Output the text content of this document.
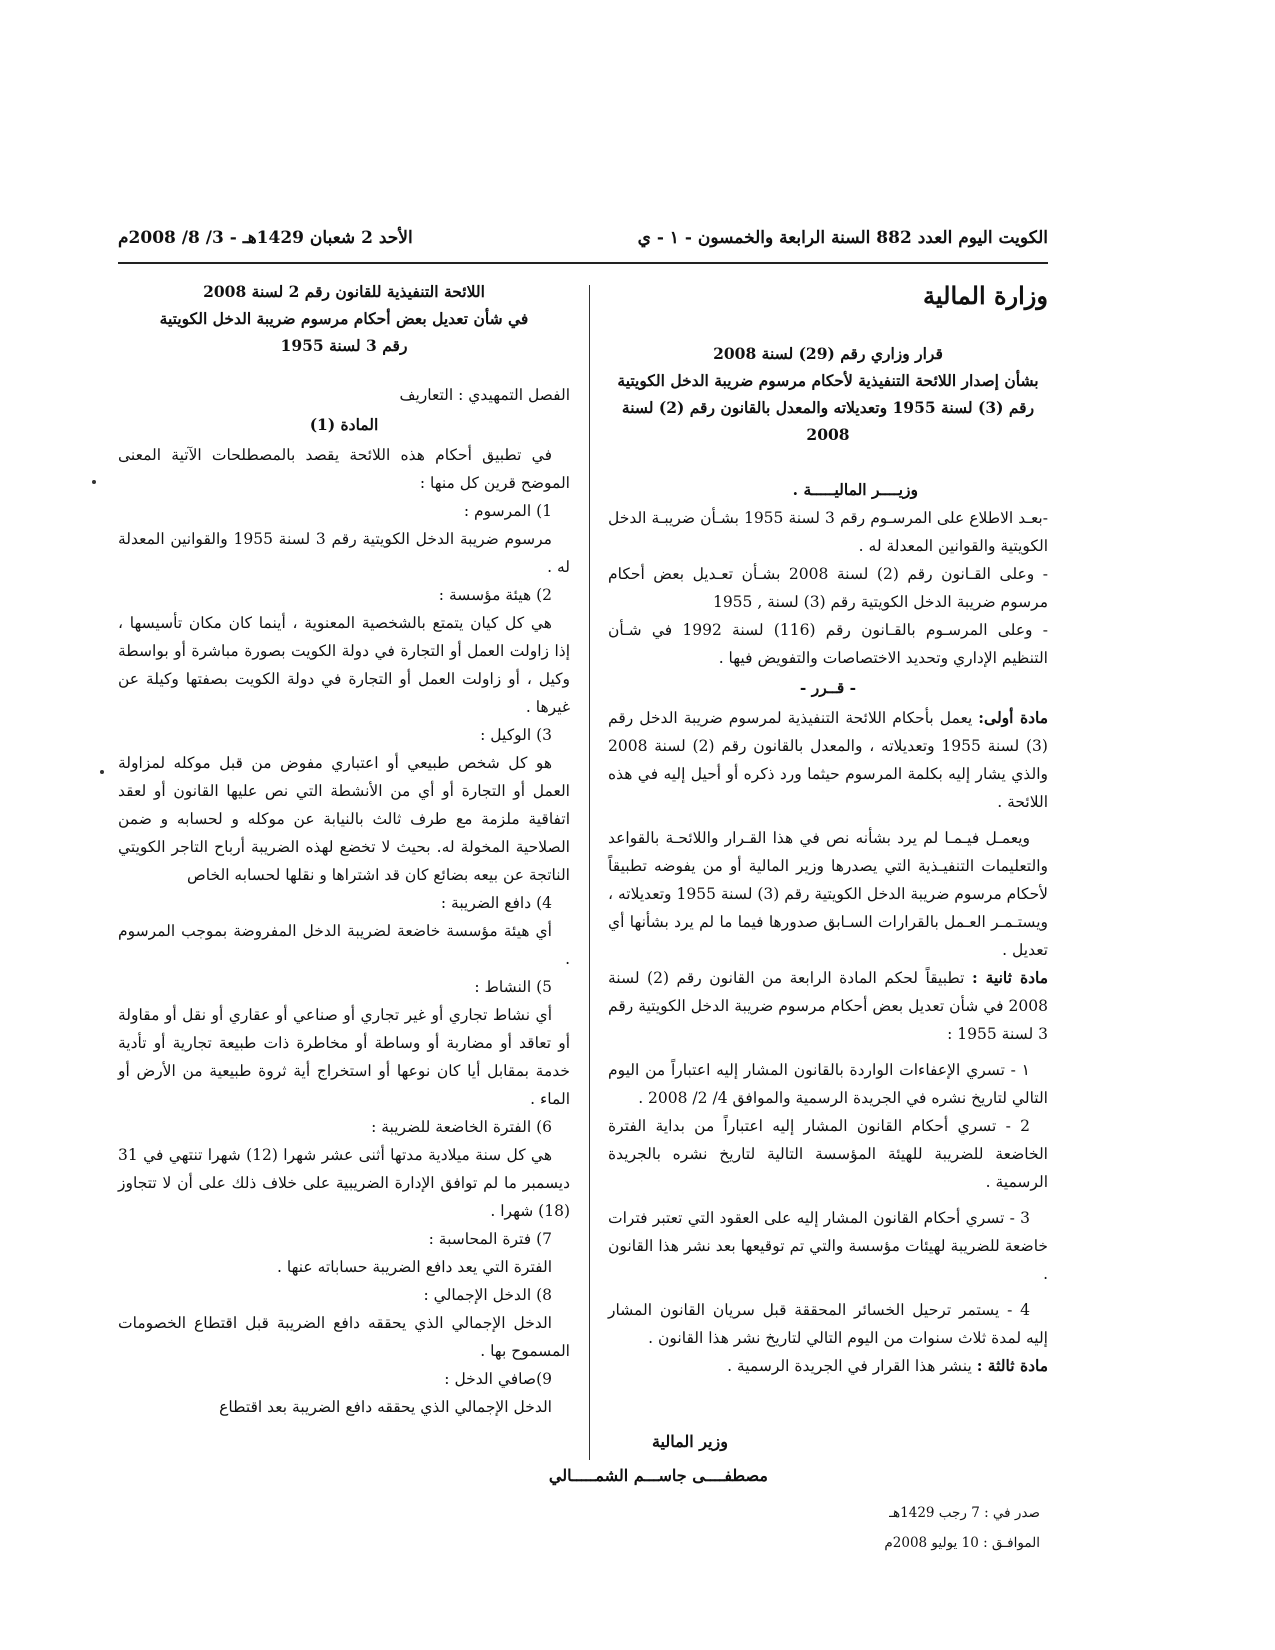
الكويت اليوم العدد 882 السنة الرابعة والخمسون - ١ - ي
الأحد 2 شعبان 1429هـ - 3/ 8/ 2008م
وزارة المالية
قرار وزاري رقم (29) لسنة 2008
بشأن إصدار اللائحة التنفيذية لأحكام مرسوم ضريبة الدخل الكويتية
رقم (3) لسنة 1955 وتعديلاته والمعدل بالقانون رقم (2) لسنة 2008

وزيــــر الماليـــــة .

-بعـد الاطلاع على المرسـوم رقم 3 لسنة 1955 بشـأن ضريبـة الدخل الكويتية والقوانين المعدلة له .

- وعلى القـانون رقم (2) لسنة 2008 بشـأن تعـديل بعض أحكام مرسوم ضريبة الدخل الكويتية رقم (3) لسنة , 1955

- وعلى المرسـوم بالقـانون رقم (116) لسنة 1992 في شـأن التنظيم الإداري وتحديد الاختصاصات والتفويض فيها .

- قــرر -

مادة أولى: يعمل بأحكام اللائحة التنفيذية لمرسوم ضريبة الدخل رقم (3) لسنة 1955 وتعديلاته ، والمعدل بالقانون رقم (2) لسنة 2008 والذي يشار إليه بكلمة المرسوم حيثما ورد ذكره أو أحيل إليه في هذه اللائحة .

ويعمـل فيـمـا لم يرد بشأنه نص في هذا القـرار واللائحـة بالقواعد والتعليمات التنفيـذية التي يصدرها وزير المالية أو من يفوضه تطبيقاً لأحكام مرسوم ضريبة الدخل الكويتية رقم (3) لسنة 1955 وتعديلاته ، ويستـمـر العـمل بالقرارات السـابق صدورها فيما ما لم يرد بشأنها أي تعديل .

مادة ثانية : تطبيقاً لحكم المادة الرابعة من القانون رقم (2) لسنة 2008 في شأن تعديل بعض أحكام مرسوم ضريبة الدخل الكويتية رقم 3 لسنة 1955 :

١ - تسري الإعفاءات الواردة بالقانون المشار إليه اعتباراً من اليوم التالي لتاريخ نشره في الجريدة الرسمية والموافق 4/ 2/ 2008 .

2 - تسري أحكام القانون المشار إليه اعتباراً من بداية الفترة الخاضعة للضريبة للهيئة المؤسسة التالية لتاريخ نشره بالجريدة الرسمية .

3 - تسري أحكام القانون المشار إليه على العقود التي تعتبر فترات خاضعة للضريبة لهيئات مؤسسة والتي تم توقيعها بعد نشر هذا القانون .

4 - يستمر ترحيل الخسائر المحققة قبل سريان القانون المشار إليه لمدة ثلاث سنوات من اليوم التالي لتاريخ نشر هذا القانون .

مادة ثالثة : ينشر هذا القرار في الجريدة الرسمية .

وزير المالية

مصطفــــى جاســـم الشمـــــالي

صدر في : 7 رجب 1429هـ

الموافـق : 10 يوليو 2008م

اللائحة التنفيذية للقانون رقم 2 لسنة 2008
في شأن تعديل بعض أحكام مرسوم ضريبة الدخل الكويتية
رقم 3 لسنة 1955

الفصل التمهيدي : التعاريف

المادة (1)

في تطبيق أحكام هذه اللائحة يقصد بالمصطلحات الآتية المعنى الموضح قرين كل منها :

1) المرسوم :

مرسوم ضريبة الدخل الكويتية رقم 3 لسنة 1955 والقوانين المعدلة له .

2) هيئة مؤسسة :

هي كل كيان يتمتع بالشخصية المعنوية ، أينما كان مكان تأسيسها ، إذا زاولت العمل أو التجارة في دولة الكويت بصورة مباشرة أو بواسطة وكيل ، أو زاولت العمل أو التجارة في دولة الكويت بصفتها وكيلة عن غيرها .

3) الوكيل :

هو كل شخص طبيعي أو اعتباري مفوض من قبل موكله لمزاولة العمل أو التجارة أو أي من الأنشطة التي نص عليها القانون أو لعقد اتفاقية ملزمة مع طرف ثالث بالنيابة عن موكله و لحسابه و ضمن الصلاحية المخولة له. بحيث لا تخضع لهذه الضريبة أرباح التاجر الكويتي الناتجة عن بيعه بضائع كان قد اشتراها و نقلها لحسابه الخاص

4) دافع الضريبة :

أي هيئة مؤسسة خاضعة لضريبة الدخل المفروضة بموجب المرسوم .

5) النشاط :

أي نشاط تجاري أو غير تجاري أو صناعي أو عقاري أو نقل أو مقاولة أو تعاقد أو مضاربة أو وساطة أو مخاطرة ذات طبيعة تجارية أو تأدية خدمة بمقابل أيا كان نوعها أو استخراج أية ثروة طبيعية من الأرض أو الماء .

6) الفترة الخاضعة للضريبة :

هي كل سنة ميلادية مدتها أثنى عشر شهرا (12) شهرا تنتهي في 31 ديسمبر ما لم توافق الإدارة الضريبية على خلاف ذلك على أن لا تتجاوز (18) شهرا .

7) فترة المحاسبة :

الفترة التي يعد دافع الضريبة حساباته عنها .

8) الدخل الإجمالي :

الدخل الإجمالي الذي يحققه دافع الضريبة قبل اقتطاع الخصومات المسموح بها .

9)صافي الدخل :

الدخل الإجمالي الذي يحققه دافع الضريبة بعد اقتطاع
